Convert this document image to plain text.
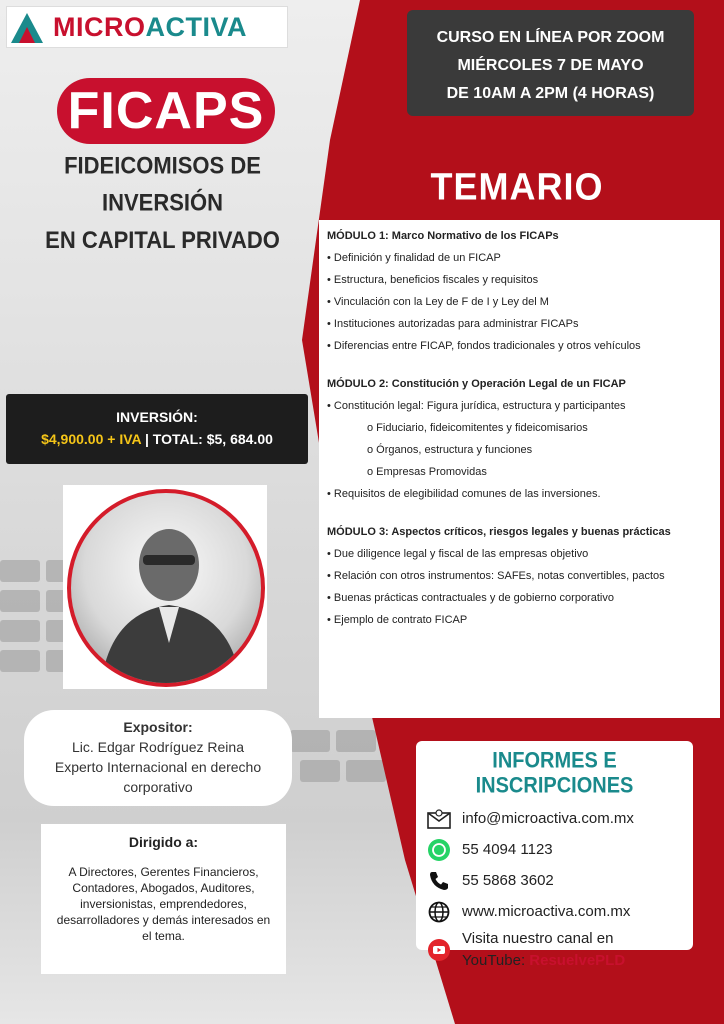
MICROACTIVA	CURSO EN LÍNEA POR ZOOM
MIÉRCOLES 7 DE MAYO
DE 10AM A 2PM (4 HORAS)
FICAPS
FIDEICOMISOS DE INVERSIÓN
EN CAPITAL PRIVADO
TEMARIO
MÓDULO 1: Marco Normativo de los FICAPs
• Definición y finalidad de un FICAP
• Estructura, beneficios fiscales y requisitos
• Vinculación con la Ley de F de I y Ley del M
• Instituciones autorizadas para administrar FICAPs
• Diferencias entre FICAP, fondos tradicionales y otros vehículos
MÓDULO 2: Constitución y Operación Legal de un FICAP
• Constitución legal: Figura jurídica, estructura y participantes
o Fiduciario, fideicomitentes y fideicomisarios
o Órganos, estructura y funciones
o Empresas Promovidas
• Requisitos de elegibilidad comunes de las inversiones.
MÓDULO 3: Aspectos críticos, riesgos legales y buenas prácticas
• Due diligence legal y fiscal de las empresas objetivo
• Relación con otros instrumentos: SAFEs, notas convertibles, pactos
• Buenas prácticas contractuales y de gobierno corporativo
• Ejemplo de contrato FICAP
INVERSIÓN:
$4,900.00 + IVA | TOTAL: $5, 684.00
Expositor:
Lic. Edgar Rodríguez Reina
Experto Internacional en derecho
corporativo
Dirigido a:
A Directores, Gerentes Financieros, Contadores, Abogados, Auditores, inversionistas, emprendedores, desarrolladores y demás interesados en el tema.
INFORMES E INSCRIPCIONES
info@microactiva.com.mx
55 4094 1123
55 5868 3602
www.microactiva.com.mx
Visita nuestro canal en
YouTube: ResuelvePLD
